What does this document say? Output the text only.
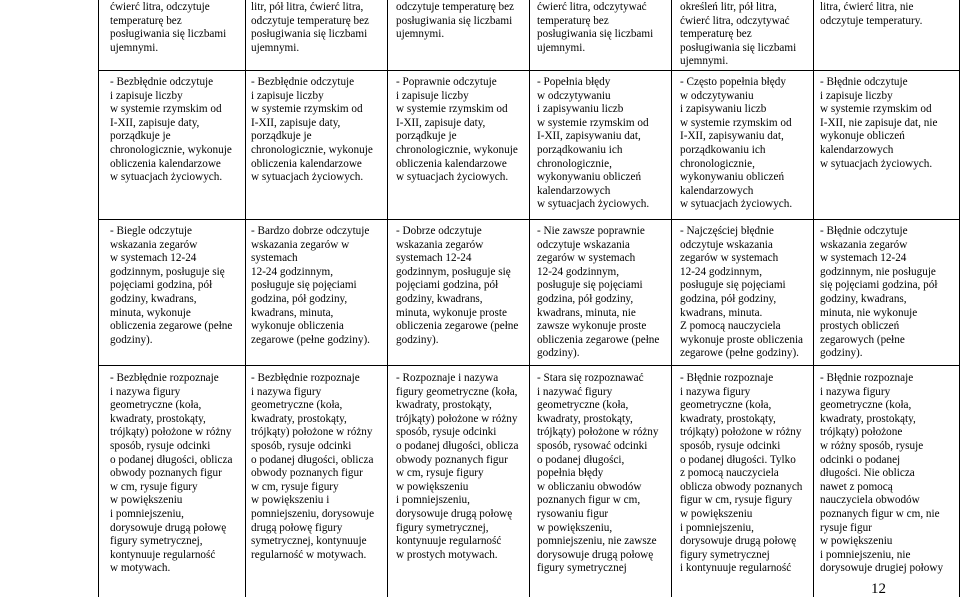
ćwierć litra, odczytuje
temperaturę bez
posługiwania się liczbami
ujemnymi.
litr, pół litra, ćwierć litra,
odczytuje temperaturę bez
posługiwania się liczbami
ujemnymi.
odczytuje temperaturę bez
posługiwania się liczbami
ujemnymi.
ćwierć litra, odczytywać
temperaturę bez
posługiwania się liczbami
ujemnymi.
określeń litr, pół litra,
ćwierć litra, odczytywać
temperaturę bez
posługiwania się liczbami
ujemnymi.
litra, ćwierć litra, nie
odczytuje temperatury.
- Bezbłędnie odczytuje
i zapisuje liczby
w systemie rzymskim od
I-XII, zapisuje daty,
porządkuje je
chronologicznie, wykonuje
obliczenia kalendarzowe
w sytuacjach życiowych.
- Bezbłędnie odczytuje
i zapisuje liczby
w systemie rzymskim od
I-XII, zapisuje daty,
porządkuje je
chronologicznie, wykonuje
obliczenia kalendarzowe
w sytuacjach życiowych.
- Poprawnie odczytuje
i zapisuje liczby
w systemie rzymskim od
I-XII, zapisuje daty,
porządkuje je
chronologicznie, wykonuje
obliczenia kalendarzowe
w sytuacjach życiowych.
- Popełnia błędy
w odczytywaniu
i zapisywaniu liczb
w systemie rzymskim od
I-XII, zapisywaniu dat,
porządkowaniu ich
chronologicznie,
wykonywaniu obliczeń
kalendarzowych
w sytuacjach życiowych.
- Często popełnia błędy
w odczytywaniu
i zapisywaniu liczb
w systemie rzymskim od
I-XII, zapisywaniu dat,
porządkowaniu ich
chronologicznie,
wykonywaniu obliczeń
kalendarzowych
w sytuacjach życiowych.
- Błędnie odczytuje
i zapisuje liczby
w systemie rzymskim od
I-XII, nie zapisuje dat, nie
wykonuje obliczeń
kalendarzowych
w sytuacjach życiowych.
- Biegle odczytuje
wskazania zegarów
w systemach 12-24
godzinnym, posługuje się
pojęciami godzina, pół
godziny, kwadrans,
minuta, wykonuje
obliczenia zegarowe (pełne
godziny).
- Bardzo dobrze odczytuje
wskazania zegarów w
systemach
12-24 godzinnym,
posługuje się pojęciami
godzina, pół godziny,
kwadrans, minuta,
wykonuje obliczenia
zegarowe (pełne godziny).
- Dobrze odczytuje
wskazania zegarów
systemach 12-24
godzinnym, posługuje się
pojęciami godzina, pół
godziny, kwadrans,
minuta, wykonuje proste
obliczenia zegarowe (pełne
godziny).
- Nie zawsze poprawnie
odczytuje wskazania
zegarów w systemach
12-24 godzinnym,
posługuje się pojęciami
godzina, pół godziny,
kwadrans, minuta, nie
zawsze wykonuje proste
obliczenia zegarowe (pełne
godziny).
- Najczęściej błędnie
odczytuje wskazania
zegarów w systemach
12-24 godzinnym,
posługuje się pojęciami
godzina, pół godziny,
kwadrans, minuta.
Z pomocą nauczyciela
wykonuje proste obliczenia
zegarowe (pełne godziny).
- Błędnie odczytuje
wskazania zegarów
w systemach 12-24
godzinnym, nie posługuje
się pojęciami godzina, pół
godziny, kwadrans,
minuta, nie wykonuje
prostych obliczeń
zegarowych (pełne
godziny).
- Bezbłędnie rozpoznaje
i nazywa figury
geometryczne (koła,
kwadraty, prostokąty,
trójkąty) położone w różny
sposób, rysuje odcinki
o podanej długości, oblicza
obwody poznanych figur
w cm, rysuje figury
w powiększeniu
i pomniejszeniu,
dorysowuje drugą połowę
figury symetrycznej,
kontynuuje regularność
w motywach.
- Bezbłędnie rozpoznaje
i nazywa figury
geometryczne (koła,
kwadraty, prostokąty,
trójkąty) położone w różny
sposób, rysuje odcinki
o podanej długości, oblicza
obwody poznanych figur
w cm, rysuje figury
w powiększeniu i
pomniejszeniu, dorysowuje
drugą połowę figury
symetrycznej, kontynuuje
regularność w motywach.
- Rozpoznaje i nazywa
figury geometryczne (koła,
kwadraty, prostokąty,
trójkąty) położone w różny
sposób, rysuje odcinki
o podanej długości, oblicza
obwody poznanych figur
w cm, rysuje figury
w powiększeniu
i pomniejszeniu,
dorysowuje drugą połowę
figury symetrycznej,
kontynuuje regularność
w prostych motywach.
- Stara się rozpoznawać
i nazywać figury
geometryczne (koła,
kwadraty, prostokąty,
trójkąty) położone w różny
sposób, rysować odcinki
o podanej długości,
popełnia błędy
w obliczaniu obwodów
poznanych figur w cm,
rysowaniu figur
w powiększeniu,
pomniejszeniu, nie zawsze
dorysowuje drugą połowę
figury symetrycznej
- Błędnie rozpoznaje
i nazywa figury
geometryczne (koła,
kwadraty, prostokąty,
trójkąty) położone w różny
sposób, rysuje odcinki
o podanej długości. Tylko
z pomocą nauczyciela
oblicza obwody poznanych
figur w cm, rysuje figury
w powiększeniu
i pomniejszeniu,
dorysowuje drugą połowę
figury symetrycznej
i kontynuuje regularność
- Błędnie rozpoznaje
i nazywa figury
geometryczne (koła,
kwadraty, prostokąty,
trójkąty) położone
w różny sposób, rysuje
odcinki o podanej
długości. Nie oblicza
nawet z pomocą
nauczyciela obwodów
poznanych figur w cm, nie
rysuje figur
w powiększeniu
i pomniejszeniu, nie
dorysowuje drugiej połowy
12
